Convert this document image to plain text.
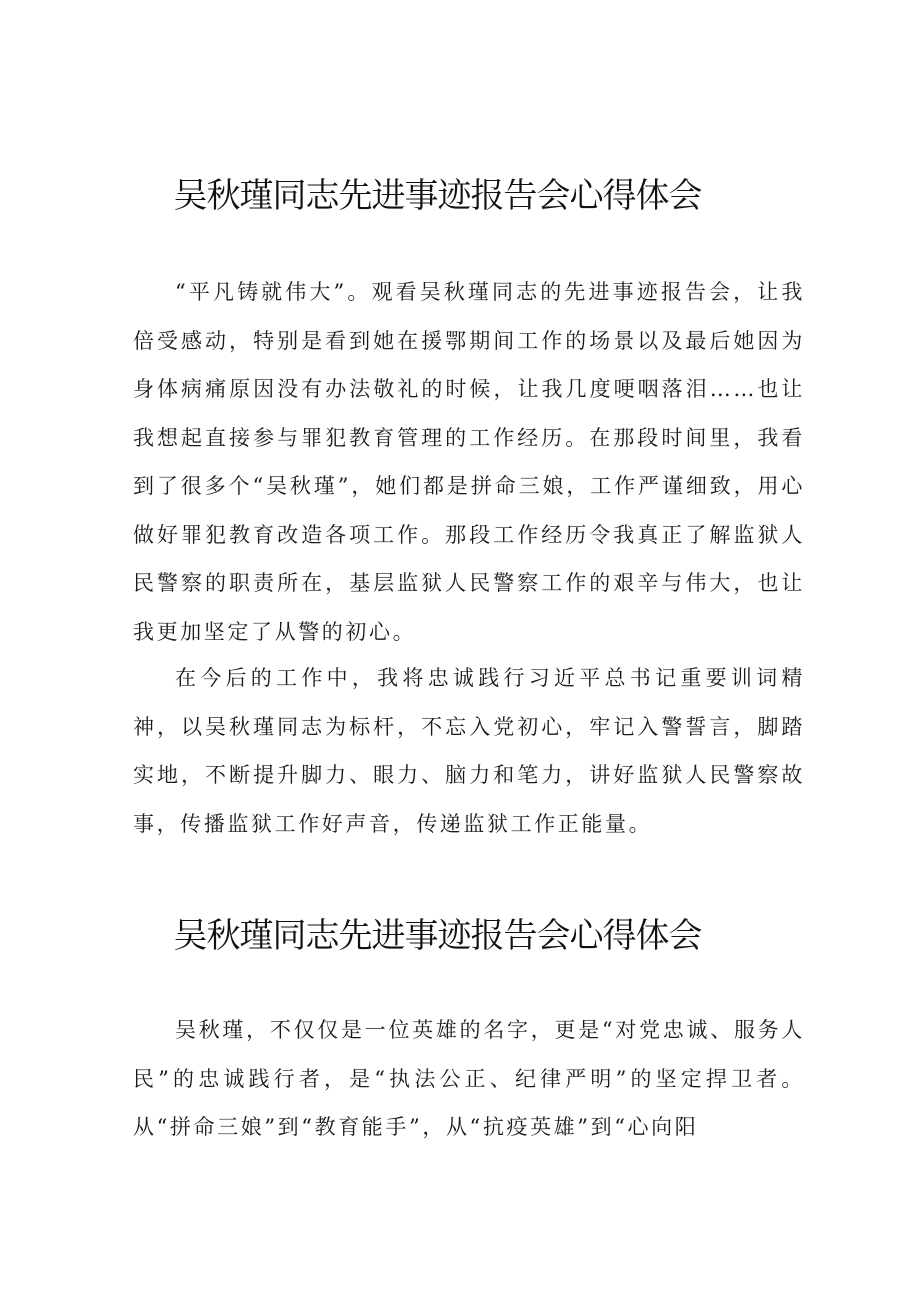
吴秋瑾同志先进事迹报告会心得体会

“平凡铸就伟大”。观看吴秋瑾同志的先进事迹报告会，让我倍受感动，特别是看到她在援鄂期间工作的场景以及最后她因为身体病痛原因没有办法敬礼的时候，让我几度哽咽落泪……也让我想起直接参与罪犯教育管理的工作经历。在那段时间里，我看到了很多个“吴秋瑾”，她们都是拼命三娘，工作严谨细致，用心做好罪犯教育改造各项工作。那段工作经历令我真正了解监狱人民警察的职责所在，基层监狱人民警察工作的艰辛与伟大，也让我更加坚定了从警的初心。

在今后的工作中，我将忠诚践行习近平总书记重要训词精神，以吴秋瑾同志为标杆，不忘入党初心，牢记入警誓言，脚踏实地，不断提升脚力、眼力、脑力和笔力，讲好监狱人民警察故事，传播监狱工作好声音，传递监狱工作正能量。

吴秋瑾同志先进事迹报告会心得体会

吴秋瑾，不仅仅是一位英雄的名字，更是“对党忠诚、服务人民”的忠诚践行者，是“执法公正、纪律严明”的坚定捍卫者。从“拼命三娘”到“教育能手”，从“抗疫英雄”到“心向阳
